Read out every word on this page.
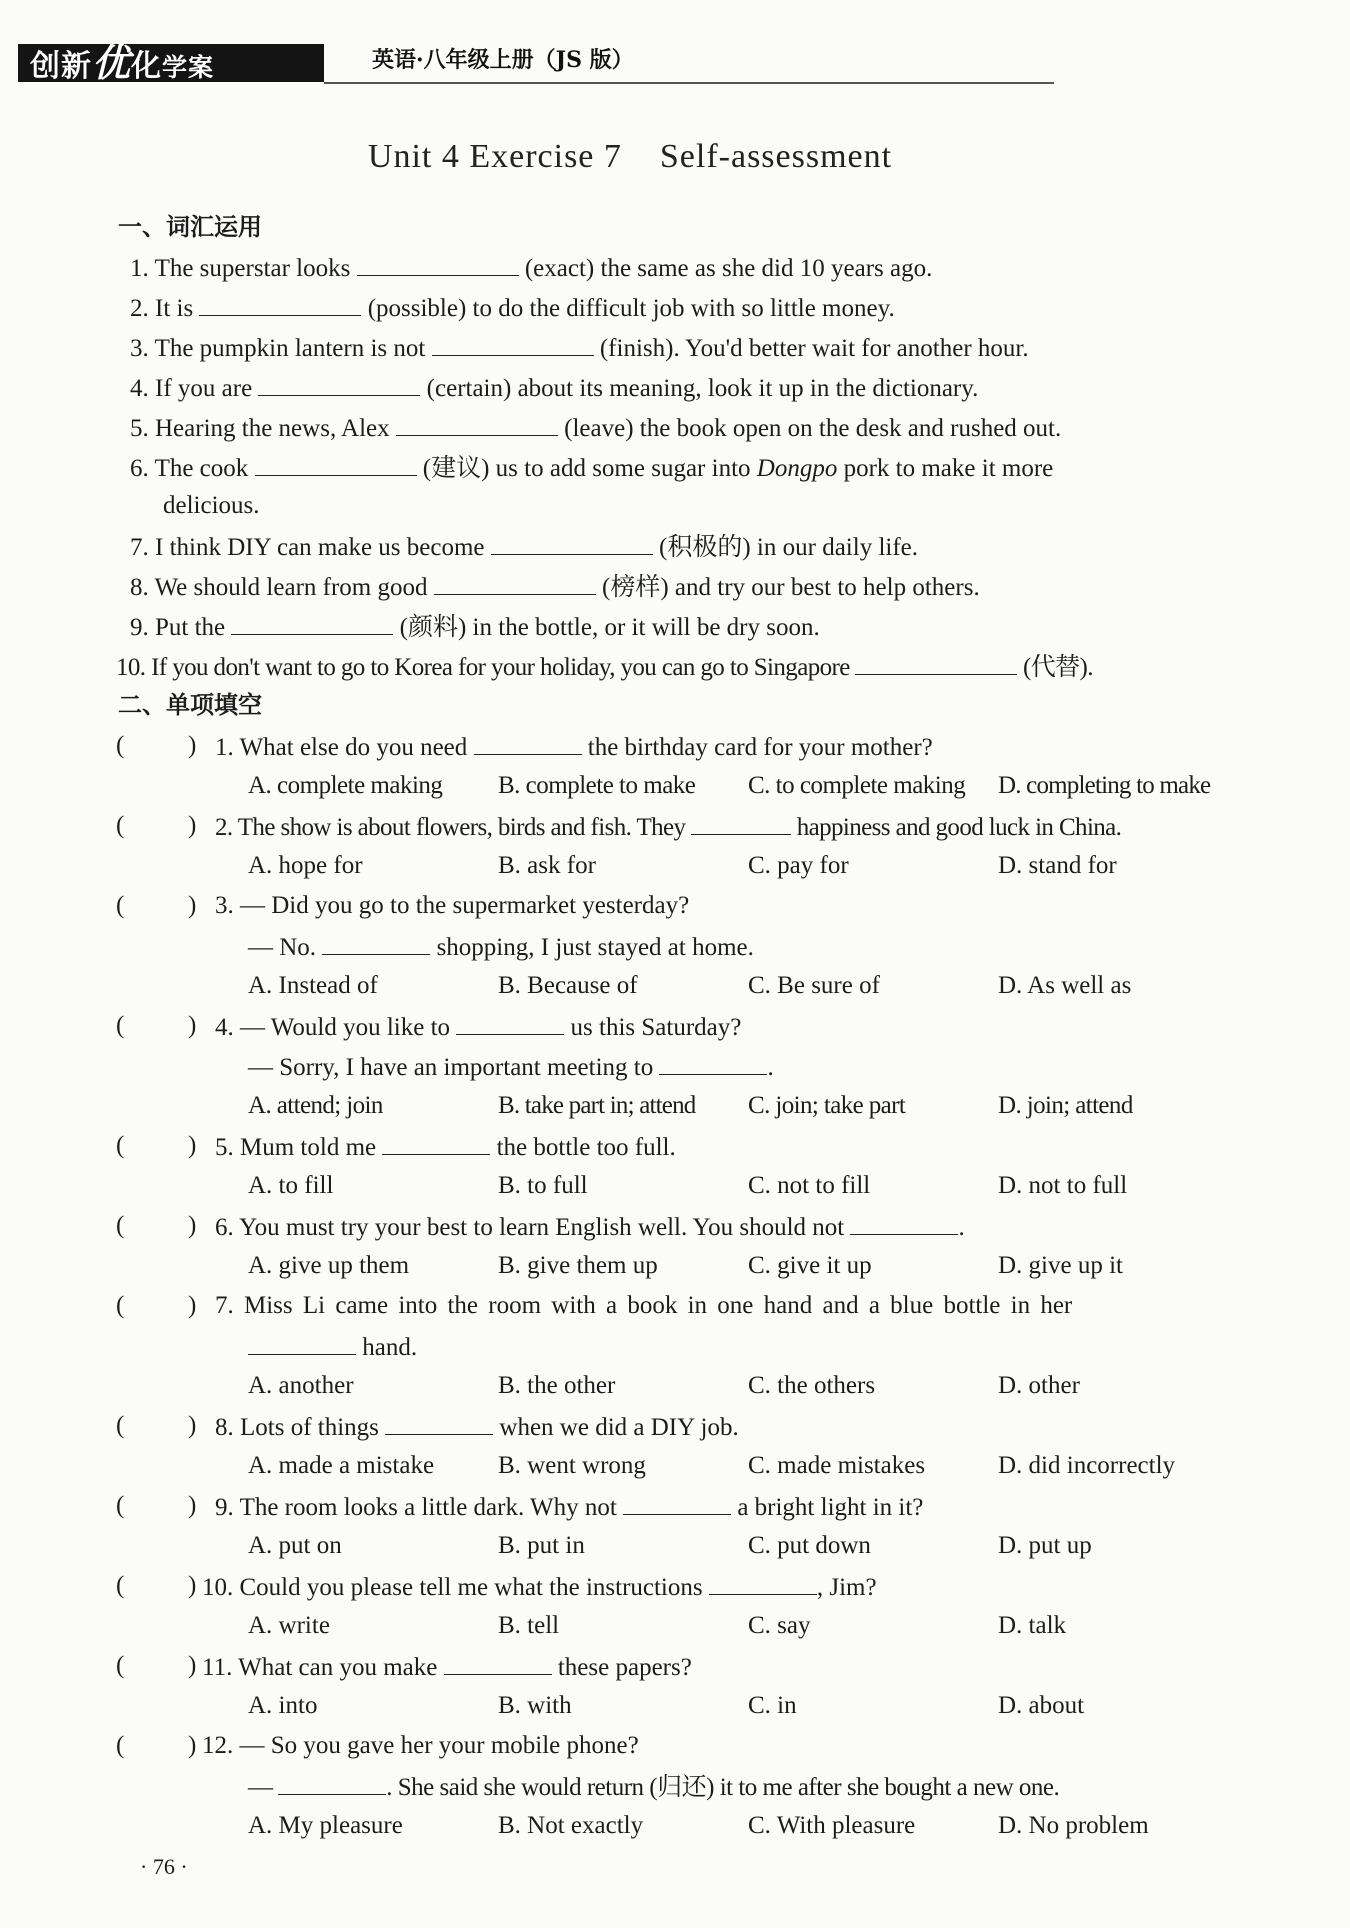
创新优化学案	英语·八年级上册（JS 版）
Unit 4 Exercise 7    Self-assessment
一、词汇运用
1. The superstar looks	(exact) the same as she did 10 years ago.
2. It is	(possible) to do the difficult job with so little money.
3. The pumpkin lantern is not	(finish). You'd better wait for another hour.
4. If you are	(certain) about its meaning, look it up in the dictionary.
5. Hearing the news, Alex	(leave) the book open on the desk and rushed out.
6. The cook	(建议) us to add some sugar into Dongpo pork to make it more
delicious.
7. I think DIY can make us become	(积极的) in our daily life.
8. We should learn from good	(榜样) and try our best to help others.
9. Put the	(颜料) in the bottle, or it will be dry soon.
10. If you don't want to go to Korea for your holiday, you can go to Singapore	(代替).
二、单项填空
(	) 1. What else do you need	the birthday card for your mother?
A. complete making B. complete to make C. to complete making D. completing to make
(	) 2. The show is about flowers, birds and fish. They	happiness and good luck in China.
A. hope for	B. ask for	C. pay for	D. stand for
(	) 3. — Did you go to the supermarket yesterday?
— No.	shopping, I just stayed at home.
A. Instead of	B. Because of	C. Be sure of	D. As well as
(	) 4. — Would you like to	us this Saturday?
— Sorry, I have an important meeting to	.
A. attend; join	B. take part in; attend C. join; take part	D. join; attend
(	) 5. Mum told me	the bottle too full.
A. to fill	B. to full	C. not to fill	D. not to full
(	) 6. You must try your best to learn English well. You should not	.
A. give up them	B. give them up	C. give it up	D. give up it
(	) 7. Miss Li came into the room with a book in one hand and a blue bottle in her
hand.
A. another	B. the other	C. the others	D. other
(	) 8. Lots of things	when we did a DIY job.
A. made a mistake	B. went wrong	C. made mistakes	D. did incorrectly
(	) 9. The room looks a little dark. Why not	a bright light in it?
A. put on	B. put in	C. put down	D. put up
(	) 10. Could you please tell me what the instructions	, Jim?
A. write	B. tell	C. say	D. talk
(	) 11. What can you make	these papers?
A. into	B. with	C. in	D. about
(	) 12. — So you gave her your mobile phone?
—	. She said she would return (归还) it to me after she bought a new one.
A. My pleasure	B. Not exactly	C. With pleasure	D. No problem
· 76 ·
